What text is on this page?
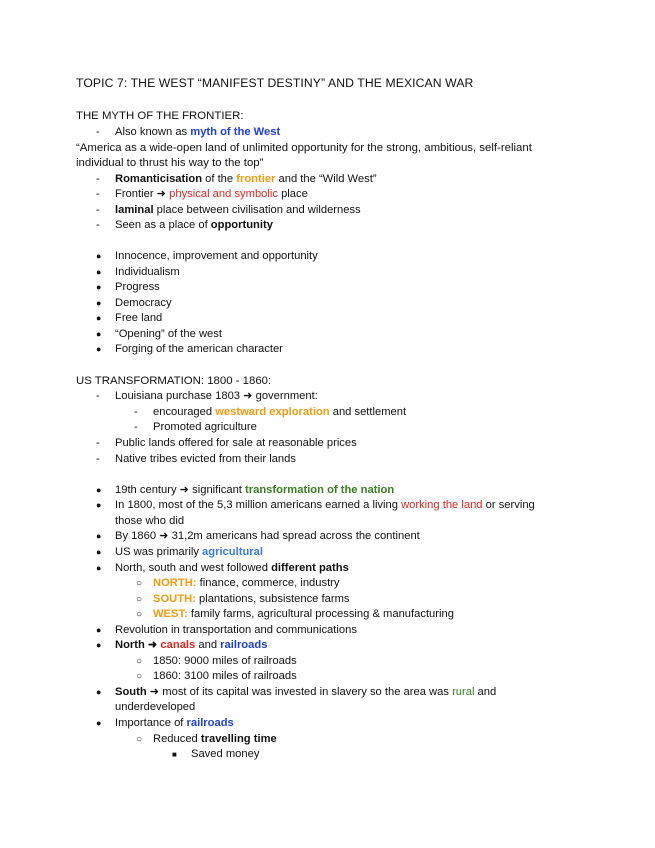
TOPIC 7: THE WEST “MANIFEST DESTINY” AND THE MEXICAN WAR
THE MYTH OF THE FRONTIER:
-	Also known as myth of the West
“America as a wide-open land of unlimited opportunity for the strong, ambitious, self-reliant
individual to thrust his way to the top”
-	Romanticisation of the frontier and the “Wild West”
-	Frontier ➜ physical and symbolic place
-	laminal place between civilisation and wilderness
-	Seen as a place of opportunity
●	Innocence, improvement and opportunity
●	Individualism
●	Progress
●	Democracy
●	Free land
●	“Opening” of the west
●	Forging of the american character
US TRANSFORMATION: 1800 - 1860:
-	Louisiana purchase 1803 ➜ government:
-	encouraged westward exploration and settlement
-	Promoted agriculture
-	Public lands offered for sale at reasonable prices
-	Native tribes evicted from their lands
●	19th century ➜ significant transformation of the nation
●	In 1800, most of the 5,3 million americans earned a living working the land or serving
those who did
●	By 1860 ➜ 31,2m americans had spread across the continent
●	US was primarily agricultural
●	North, south and west followed different paths
○ NORTH: finance, commerce, industry
○ SOUTH: plantations, subsistence farms
○ WEST: family farms, agricultural processing & manufacturing
●	Revolution in transportation and communications
●	North ➜ canals and railroads
○ 1850: 9000 miles of railroads
○ 1860: 3100 miles of railroads
●	South ➜ most of its capital was invested in slavery so the area was rural and
underdeveloped
●	Importance of railroads
○ Reduced travelling time
■	Saved money
